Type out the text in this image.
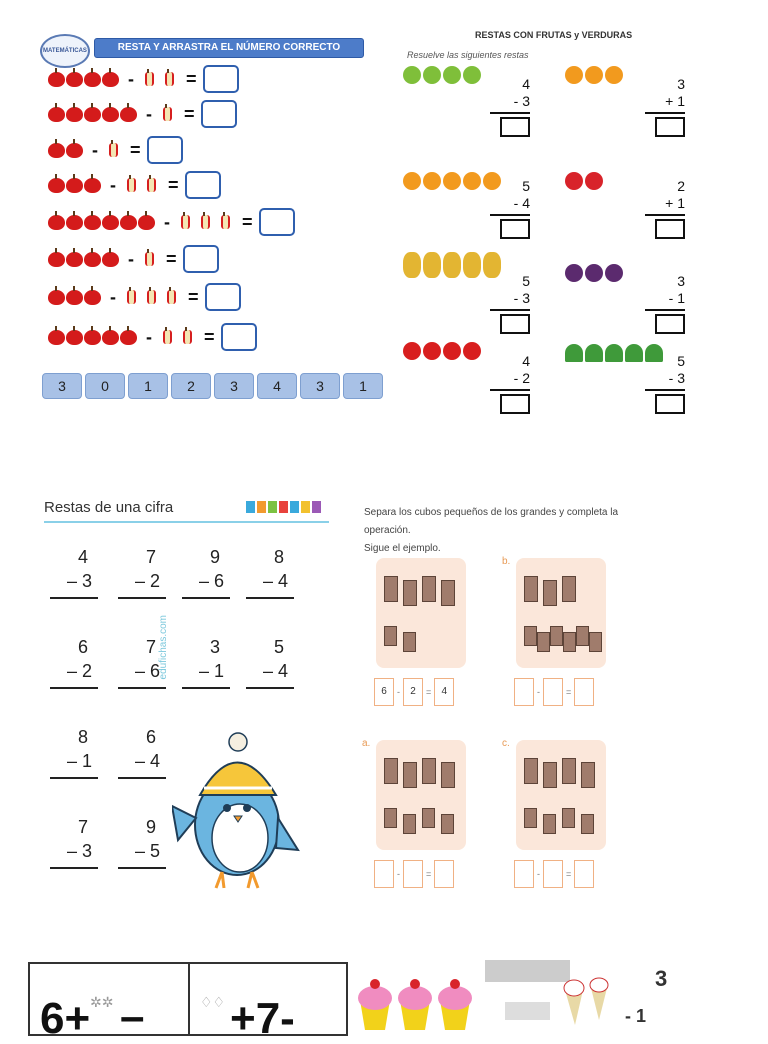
MATEMÁTICAS	RESTA Y ARRASTRA EL NÚMERO CORRECTO
-	=
- =
- =
-	=
-	=
- =
-	=
-	=
3	0	1	2	3	4	3	1
RESTAS CON FRUTAS y VERDURAS
Resuelve las siguientes restas
4
- 3
3
+ 1
5
- 4
2
+ 1
5
- 3
3
- 1
4
- 2
5
- 3
Restas de una cifra
edufichas.com
4
– 3
7
– 2
9
– 6
8
– 4
6
– 2
7
– 6
3
– 1
5
– 4
8
– 1
6
– 4
7
– 3
9
– 5
Separa los cubos pequeños de los grandes y completa la operación.
Sigue el ejemplo.
6	-	2	=	4
b.
-	=
a.
-	=
c.
-	=
6+ ✲✲ –	♢♢ +7-
3
- 1
